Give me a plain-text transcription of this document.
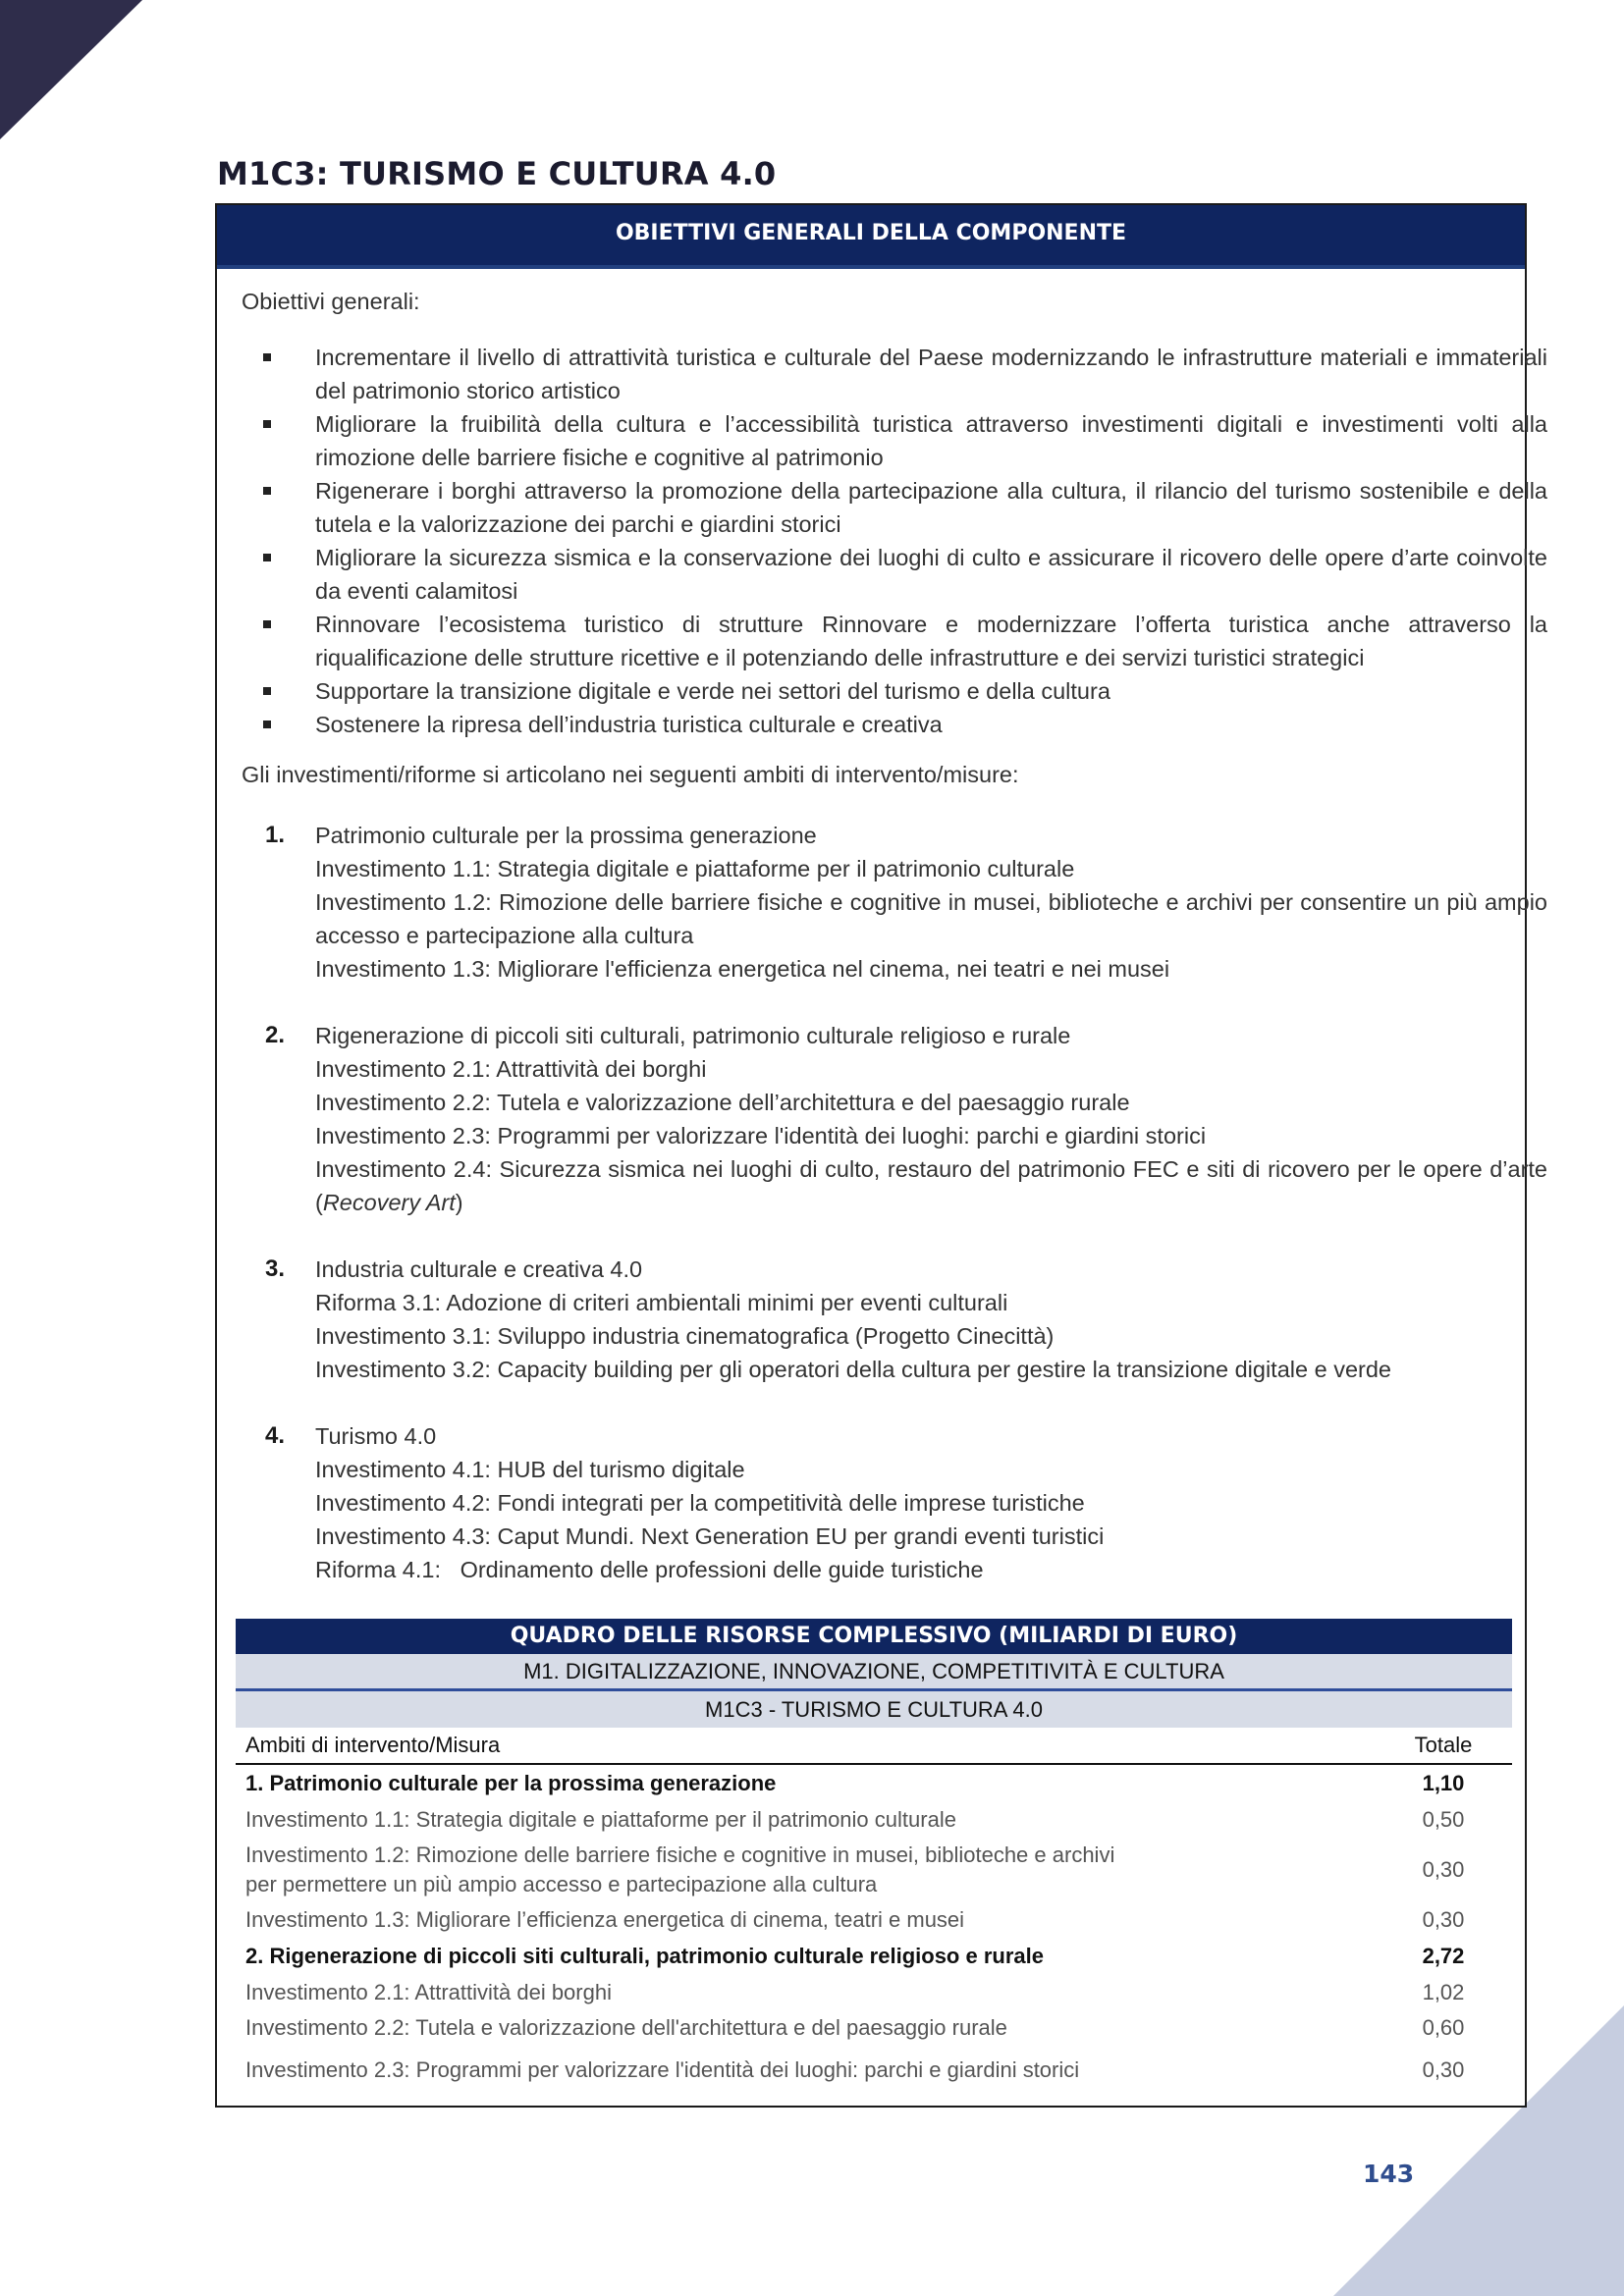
M1C3: TURISMO E CULTURA 4.0
OBIETTIVI GENERALI DELLA COMPONENTE

Obiettivi generali:

Incrementare il livello di attrattività turistica e culturale del Paese modernizzando le infrastrutture materiali e immateriali del patrimonio storico artistico
Migliorare la fruibilità della cultura e l’accessibilità turistica attraverso investimenti digitali e investimenti volti alla rimozione delle barriere fisiche e cognitive al patrimonio
Rigenerare i borghi attraverso la promozione della partecipazione alla cultura, il rilancio del turismo sostenibile e della tutela e la valorizzazione dei parchi e giardini storici
Migliorare la sicurezza sismica e la conservazione dei luoghi di culto e assicurare il ricovero delle opere d’arte coinvolte da eventi calamitosi
Rinnovare l’ecosistema turistico di strutture Rinnovare e modernizzare l’offerta turistica anche attraverso la riqualificazione delle strutture ricettive e il potenziando delle infrastrutture e dei servizi turistici strategici
Supportare la transizione digitale e verde nei settori del turismo e della cultura
Sostenere la ripresa dell’industria turistica culturale e creativa

Gli investimenti/riforme si articolano nei seguenti ambiti di intervento/misure:

1. Patrimonio culturale per la prossima generazione
Investimento 1.1: Strategia digitale e piattaforme per il patrimonio culturale
Investimento 1.2: Rimozione delle barriere fisiche e cognitive in musei, biblioteche e archivi per consentire un più ampio accesso e partecipazione alla cultura
Investimento 1.3: Migliorare l'efficienza energetica nel cinema, nei teatri e nei musei
2. Rigenerazione di piccoli siti culturali, patrimonio culturale religioso e rurale
Investimento 2.1: Attrattività dei borghi
Investimento 2.2: Tutela e valorizzazione dell’architettura e del paesaggio rurale
Investimento 2.3: Programmi per valorizzare l'identità dei luoghi: parchi e giardini storici
Investimento 2.4: Sicurezza sismica nei luoghi di culto, restauro del patrimonio FEC e siti di ricovero per le opere d’arte (Recovery Art)
3. Industria culturale e creativa 4.0
Riforma 3.1: Adozione di criteri ambientali minimi per eventi culturali
Investimento 3.1: Sviluppo industria cinematografica (Progetto Cinecittà)
Investimento 3.2: Capacity building per gli operatori della cultura per gestire la transizione digitale e verde
4. Turismo 4.0
Investimento 4.1: HUB del turismo digitale
Investimento 4.2: Fondi integrati per la competitività delle imprese turistiche
Investimento 4.3: Caput Mundi. Next Generation EU per grandi eventi turistici
Riforma 4.1:   Ordinamento delle professioni delle guide turistiche
QUADRO DELLE RISORSE COMPLESSIVO (MILIARDI DI EURO)
M1. DIGITALIZZAZIONE, INNOVAZIONE, COMPETITIVITÀ E CULTURA
M1C3 - TURISMO E CULTURA 4.0
Ambiti di intervento/Misura	Totale
1. Patrimonio culturale per la prossima generazione	1,10
Investimento 1.1: Strategia digitale e piattaforme per il patrimonio culturale	0,50
Investimento 1.2: Rimozione delle barriere fisiche e cognitive in musei, biblioteche e archivi per permettere un più ampio accesso e partecipazione alla cultura	0,30
Investimento 1.3: Migliorare l’efficienza energetica di cinema, teatri e musei	0,30
2. Rigenerazione di piccoli siti culturali, patrimonio culturale religioso e rurale	2,72
Investimento 2.1: Attrattività dei borghi	1,02
Investimento 2.2: Tutela e valorizzazione dell'architettura e del paesaggio rurale	0,60
Investimento 2.3: Programmi per valorizzare l'identità dei luoghi: parchi e giardini storici	0,30
143
